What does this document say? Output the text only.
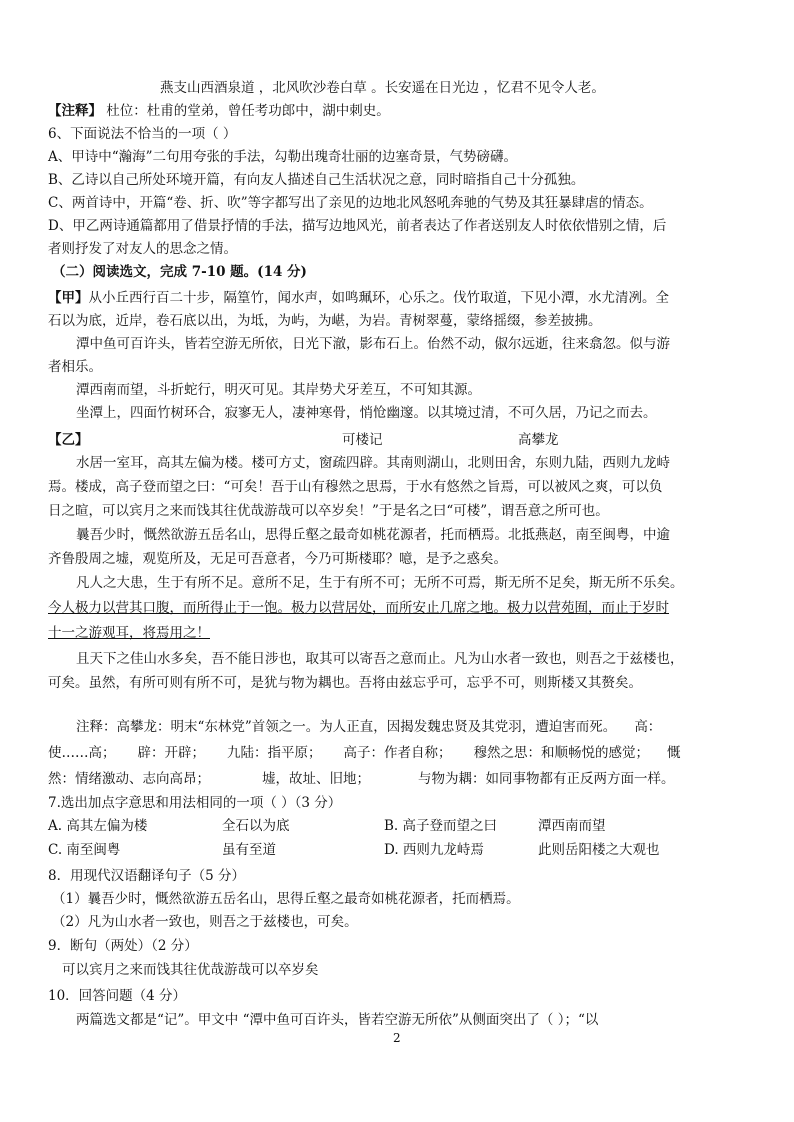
燕支山西酒泉道 ，北风吹沙卷白草 。长安遥在日光边 ，忆君不见令人老。
【注释】 杜位：杜甫的堂弟，曾任考功郎中，湖中刺史。
6、下面说法不恰当的一项（ ）
A、甲诗中“瀚海”二句用夸张的手法，勾勒出瑰奇壮丽的边塞奇景，气势磅礴。
B、乙诗以自己所处环境开篇，有向友人描述自己生活状况之意，同时暗指自己十分孤独。
C、两首诗中，开篇“卷、折、吹”等字都写出了亲见的边地北风怒吼奔驰的气势及其狂暴肆虐的情态。
D、甲乙两诗通篇都用了借景抒情的手法，描写边地风光，前者表达了作者送别友人时依依惜别之情，后
者则抒发了对友人的思念之情。
（二）阅读选文，完成 7-10 题。(14 分)
【甲】从小丘西行百二十步，隔篁竹，闻水声，如鸣珮环，心乐之。伐竹取道，下见小潭，水尤清冽。全
石以为底，近岸，卷石底以出，为坻，为屿，为嵁，为岩。青树翠蔓，蒙络摇缀，参差披拂。
潭中鱼可百许头，皆若空游无所依，日光下澈，影布石上。佁然不动，俶尔远逝，往来翕忽。似与游
者相乐。
潭西南而望，斗折蛇行，明灭可见。其岸势犬牙差互，不可知其源。
坐潭上，四面竹树环合，寂寥无人，凄神寒骨，悄怆幽邃。以其境过清，不可久居，乃记之而去。
【乙】	可楼记	高攀龙
水居一室耳，高其左偏为楼。楼可方丈，窗疏四辟。其南则湖山，北则田舍，东则九陆，西则九龙峙
焉。楼成，高子登而望之曰：“可矣！吾于山有穆然之思焉，于水有悠然之旨焉，可以被风之爽，可以负
日之暄，可以宾月之来而饯其往优哉游哉可以卒岁矣！”于是名之曰“可楼”，谓吾意之所可也。
曩吾少时，慨然欲游五岳名山，思得丘壑之最奇如桃花源者，托而栖焉。北抵燕赵，南至闽粤，中逾
齐鲁殷周之墟，观览所及，无足可吾意者，今乃可斯楼耶？噫，是予之惑矣。
凡人之大患，生于有所不足。意所不足，生于有所不可；无所不可焉，斯无所不足矣，斯无所不乐矣。
今人极力以营其口腹，而所得止于一饱。极力以营居处，而所安止几席之地。极力以营苑囿，而止于岁时
十一之游观耳，将焉用之！
且天下之佳山水多矣，吾不能日涉也，取其可以寄吾之意而止。凡为山水者一致也，则吾之于兹楼也，
可矣。虽然，有所可则有所不可，是犹与物为耦也。吾将由兹忘乎可，忘乎不可，则斯楼又其赘矣。
注释：高攀龙：明末“东林党”首领之一。为人正直，因揭发魏忠贤及其党羽，遭迫害而死。 高：
使……高； 辟：开辟； 九陆：指平原； 高子：作者自称； 穆然之思：和顺畅悦的感觉； 慨
然：情绪激动、志向高昂；	墟，故址、旧地；	与物为耦：如同事物都有正反两方面一样。
7.选出加点字意思和用法相同的一项（ ）（3 分）
A. 高其左偏为楼	全石以为底	B. 高子登而望之曰	潭西南而望
C. 南至闽粤	虽有至道	D. 西则九龙峙焉	此则岳阳楼之大观也
8．用现代汉语翻译句子（5 分）
（1）曩吾少时，慨然欲游五岳名山，思得丘壑之最奇如桃花源者，托而栖焉。
（2）凡为山水者一致也，则吾之于兹楼也，可矣。
9．断句（两处）（2 分）
可以宾月之来而饯其往优哉游哉可以卒岁矣
10．回答问题（4 分）
两篇选文都是“记”。甲文中 “潭中鱼可百许头，皆若空游无所依”从侧面突出了（ ）；“以
2
